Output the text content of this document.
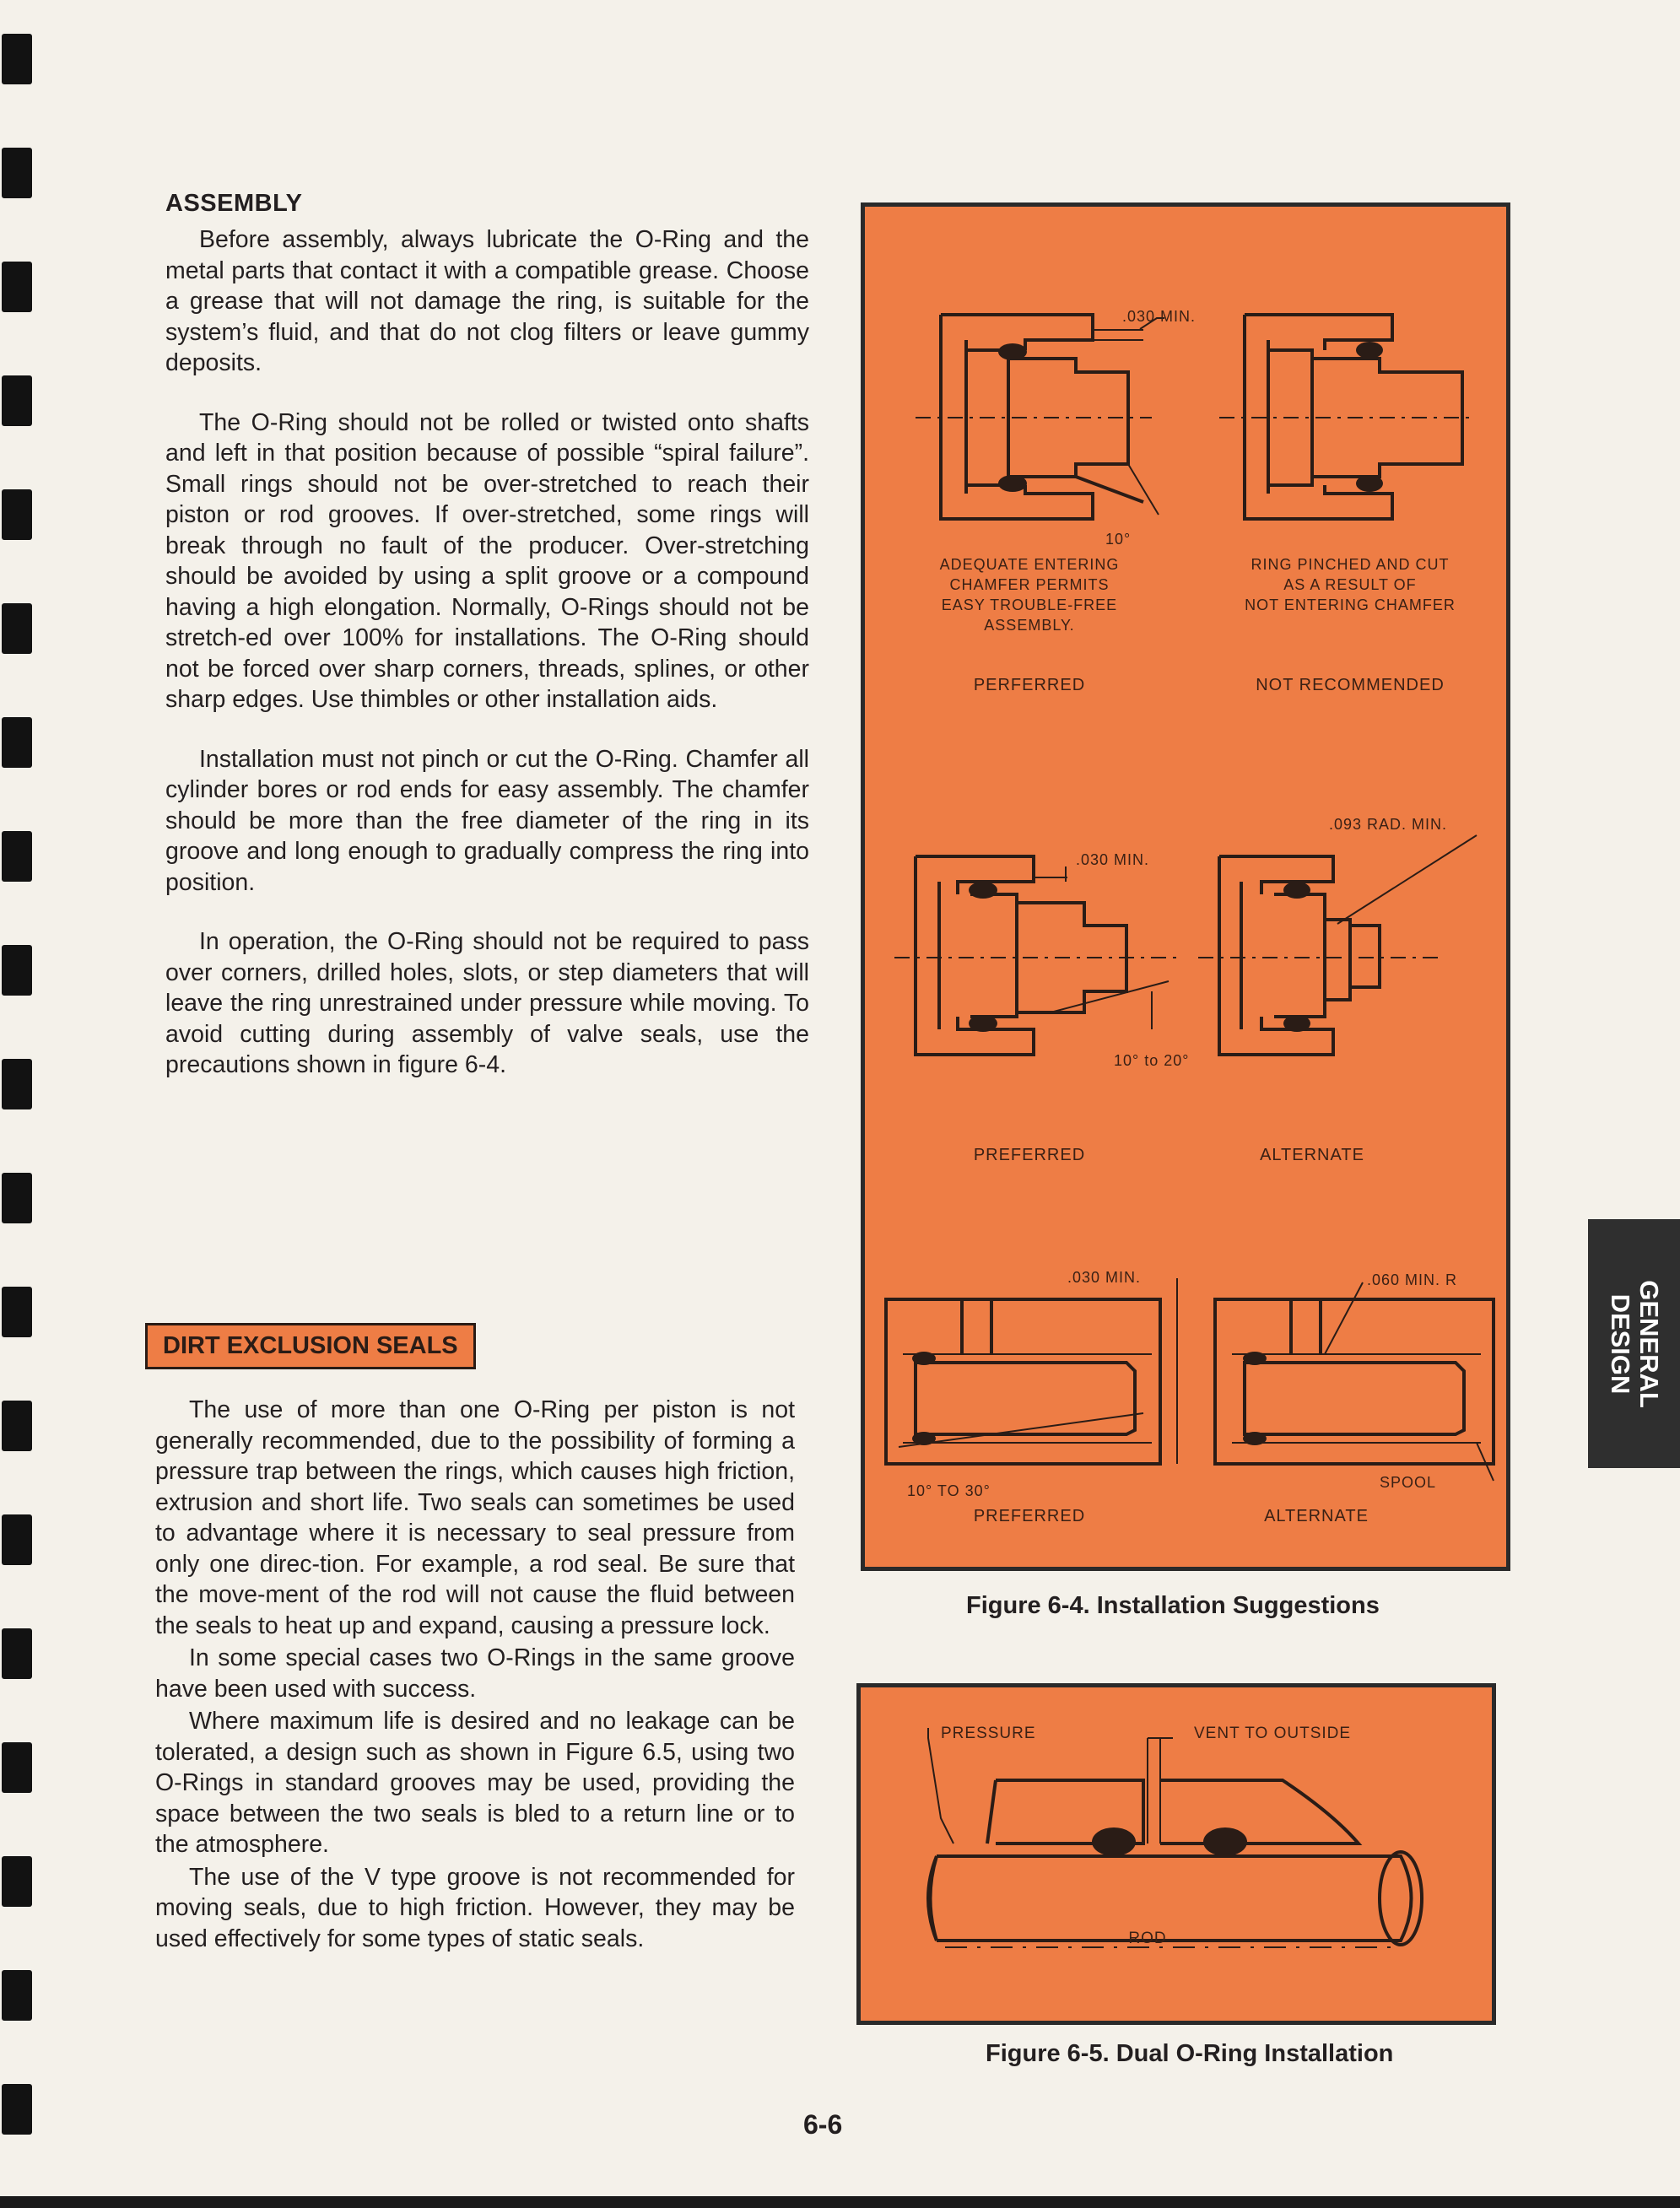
ASSEMBLY

Before assembly, always lubricate the O-Ring and the metal parts that contact it with a compatible grease. Choose a grease that will not damage the ring, is suitable for the system’s fluid, and that do not clog filters or leave gummy deposits.

The O-Ring should not be rolled or twisted onto shafts and left in that position because of possible “spiral failure”. Small rings should not be over-stretched to reach their piston or rod grooves. If over-stretched, some rings will break through no fault of the producer. Over-stretching should be avoided by using a split groove or a compound having a high elongation. Normally, O-Rings should not be stretch-ed over 100% for installations. The O-Ring should not be forced over sharp corners, threads, splines, or other sharp edges. Use thimbles or other installation aids.

Installation must not pinch or cut the O-Ring. Chamfer all cylinder bores or rod ends for easy assembly. The chamfer should be more than the free diameter of the ring in its groove and long enough to gradually compress the ring into position.

In operation, the O-Ring should not be required to pass over corners, drilled holes, slots, or step diameters that will leave the ring unrestrained under pressure while moving. To avoid cutting during assembly of valve seals, use the precautions shown in figure 6-4.

DIRT EXCLUSION SEALS

The use of more than one O-Ring per piston is not generally recommended, due to the possibility of forming a pressure trap between the rings, which causes high friction, extrusion and short life. Two seals can sometimes be used to advantage where it is necessary to seal pressure from only one direc-tion. For example, a rod seal. Be sure that the move-ment of the rod will not cause the fluid between the seals to heat up and expand, causing a pressure lock.

In some special cases two O-Rings in the same groove have been used with success.

Where maximum life is desired and no leakage can be tolerated, a design such as shown in Figure 6.5, using two O-Rings in standard grooves may be used, providing the space between the two seals is bled to a return line or to the atmosphere.

The use of the V type groove is not recommended for moving seals, due to high friction. However, they may be used effectively for some types of static seals.

.030 MIN.
10°
ADEQUATE ENTERING
CHAMFER PERMITS
EASY TROUBLE-FREE
ASSEMBLY.
RING PINCHED AND CUT
AS A RESULT OF
NOT ENTERING CHAMFER
PERFERRED	NOT RECOMMENDED
.030 MIN.
.093 RAD. MIN.
10° to 20°
PREFERRED	ALTERNATE
.030 MIN.	.060 MIN. R
10° TO 30°	SPOOL
PREFERRED	ALTERNATE
Figure 6-4. Installation Suggestions
PRESSURE	VENT TO OUTSIDE
ROD
Figure 6-5. Dual O-Ring Installation
6-6
GENERAL
DESIGN
